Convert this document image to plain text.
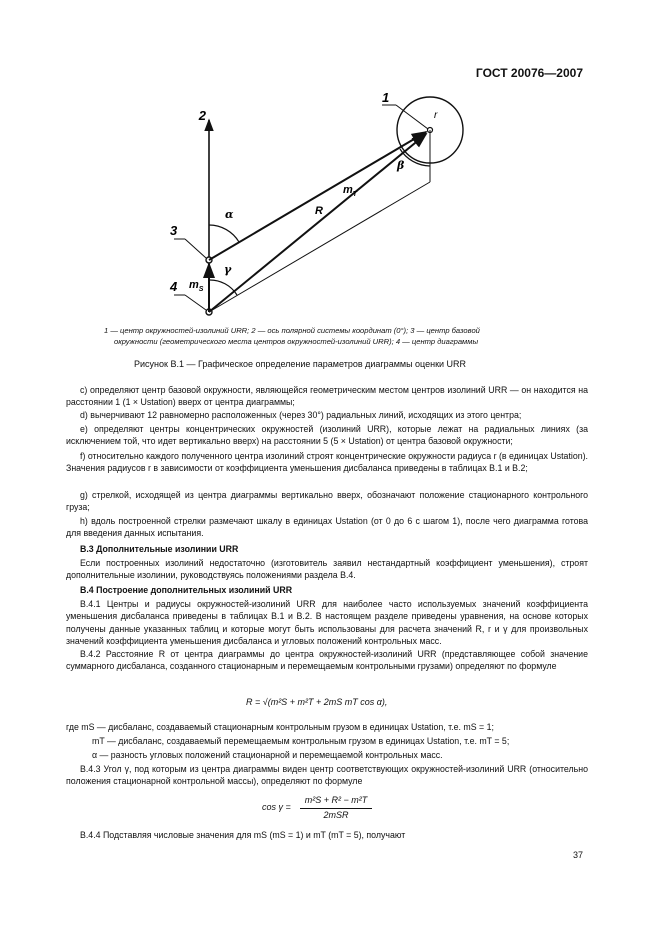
ГОСТ 20076—2007
2
1
r
$m_T$
R
α
β
γ
$m_S$
3
4
1 — центр окружностей-изолиний URR; 2 — ось полярной системы координат (0°); 3 — центр базовой
окружности (геометрического места центров окружностей-изолиний URR); 4 — центр диаграммы
Рисунок В.1 — Графическое определение параметров диаграммы оценки URR
с) определяют центр базовой окружности, являющейся геометрическим местом центров изолиний URR — он находится на расстоянии 1 (1 × Ustation) вверх от центра диаграммы;
d) вычерчивают 12 равномерно расположенных (через 30°) радиальных линий, исходящих из этого центра;
е) определяют центры концентрических окружностей (изолиний URR), которые лежат на радиальных линиях (за исключением той, что идет вертикально вверх) на расстоянии 5 (5 × Ustation) от центра базовой окружности;
f) относительно каждого полученного центра изолиний строят концентрические окружности радиуса r (в единицах Ustation). Значения радиусов r в зависимости от коэффициента уменьшения дисбаланса приведены в таблицах В.1 и В.2;
g) стрелкой, исходящей из центра диаграммы вертикально вверх, обозначают положение стационарного контрольного груза;
h) вдоль построенной стрелки размечают шкалу в единицах Ustation (от 0 до 6 с шагом 1), после чего диаграмма готова для введения данных испытания.
В.3 Дополнительные изолинии URR
Если построенных изолиний недостаточно (изготовитель заявил нестандартный коэффициент уменьшения), строят дополнительные изолинии, руководствуясь положениями раздела В.4.
В.4 Построение дополнительных изолиний URR
В.4.1 Центры и радиусы окружностей-изолиний URR для наиболее часто используемых значений коэффициента уменьшения дисбаланса приведены в таблицах В.1 и В.2. В настоящем разделе приведены уравнения, на основе которых получены данные указанных таблиц и которые могут быть использованы для расчета значений R, r и γ для произвольных значений коэффициента уменьшения дисбаланса и угловых положений контрольных масс.
В.4.2 Расстояние R от центра диаграммы до центра окружностей-изолиний URR (представляющее собой значение суммарного дисбаланса, созданного стационарным и перемещаемым контрольными грузами) определяют по формуле
R = √(m²S + m²T + 2mS mT cos α),
где mS — дисбаланс, создаваемый стационарным контрольным грузом в единицах Ustation, т.е. mS = 1;
mT — дисбаланс, создаваемый перемещаемым контрольным грузом в единицах Ustation, т.е. mT = 5;
α — разность угловых положений стационарной и перемещаемой контрольных масс.
В.4.3 Угол γ, под которым из центра диаграммы виден центр соответствующих окружностей-изолиний URR (относительно положения стационарной контрольной массы), определяют по формуле
cos γ =
m²S + R² − m²T
2mSR
В.4.4 Подставляя числовые значения для mS (mS = 1) и mT (mT = 5), получают
37
